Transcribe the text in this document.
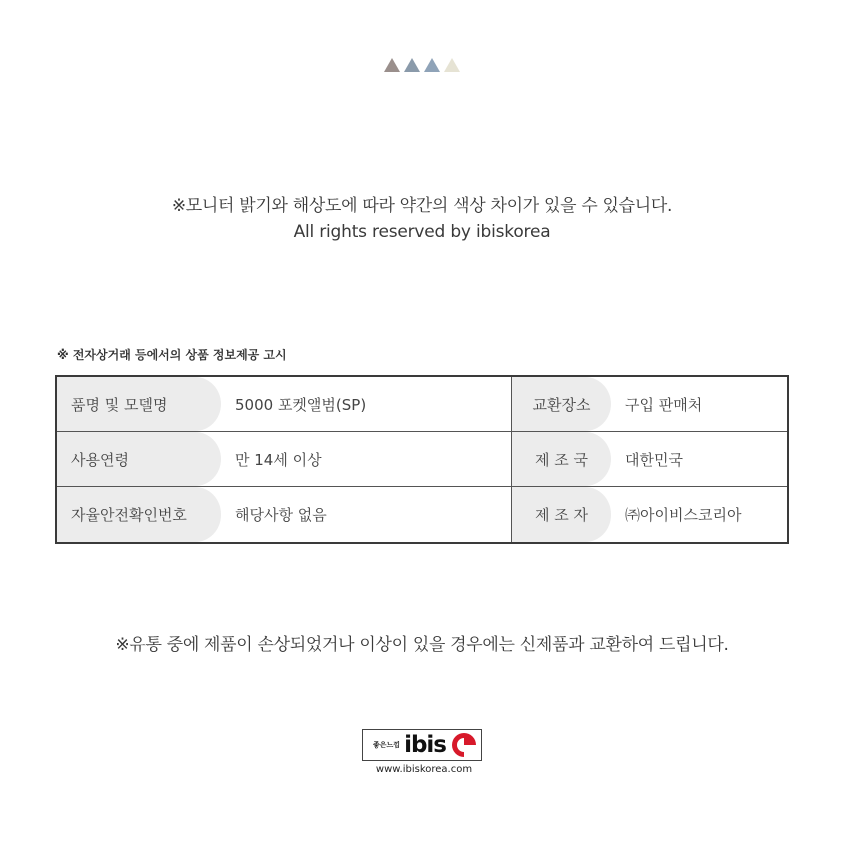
※모니터 밝기와 해상도에 따라 약간의 색상 차이가 있을 수 있습니다.
All rights reserved by ibiskorea
※ 전자상거래 등에서의 상품 정보제공 고시
품명 및 모델명	5000 포켓앨범(SP)	교환장소	구입 판매처
사용연령	만 14세 이상	제 조 국	대한민국
자율안전확인번호	해당사항 없음	제 조 자	㈜아이비스코리아
※유통 중에 제품이 손상되었거나 이상이 있을 경우에는 신제품과 교환하여 드립니다.
좋은느낌 ibis
www.ibiskorea.com
